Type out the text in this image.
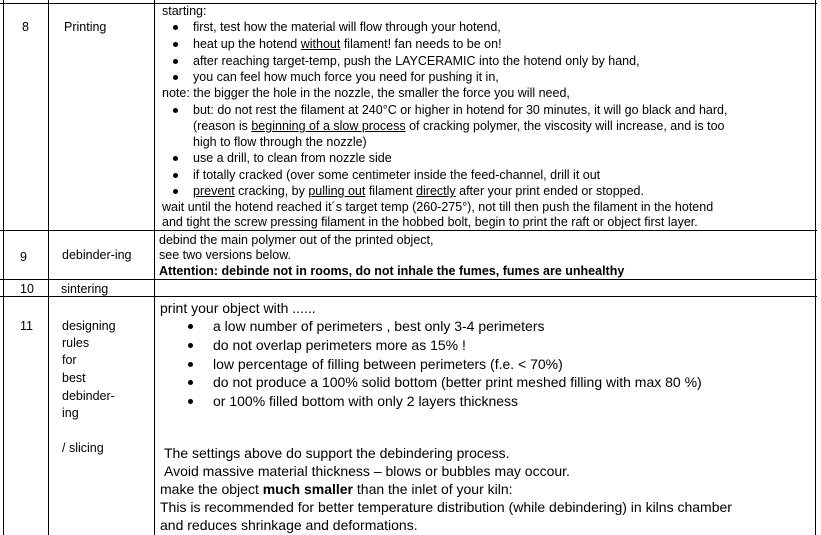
8	Printing
starting:
first, test how the material will flow through your hotend,
heat up the hotend without filament! fan needs to be on!
after reaching target-temp, push the LAYCERAMIC into the hotend only by hand,
you can feel how much force you need for pushing it in,
note: the bigger the hole in the nozzle, the smaller the force you will need,
but: do not rest the filament at 240°C or higher in hotend for 30 minutes, it will go black and hard,
(reason is beginning of a slow process of cracking polymer, the viscosity will increase, and is too
high to flow through the nozzle)
use a drill, to clean from nozzle side
if totally cracked (over some centimeter inside the feed-channel, drill it out
prevent cracking, by pulling out filament directly after your print ended or stopped.
wait until the hotend reached it´s target temp (260-275°), not till then push the filament in the hotend
and tight the screw pressing filament in the hobbed bolt, begin to print the raft or object first layer.
9	debinder-ing
debind the main polymer out of the printed object,
see two versions below.
Attention: debinde not in rooms, do not inhale the fumes, fumes are unhealthy
10 sintering
11 designing
rules
for
best
debinder-
ing
/ slicing
print your object with ......
a low number of perimeters , best only 3-4 perimeters
do not overlap perimeters more as 15% !
low percentage of filling between perimeters (f.e. < 70%)
do not produce a 100% solid bottom (better print meshed filling with max 80 %)
or 100% filled bottom with only 2 layers thickness
The settings above do support the debindering process.
Avoid massive material thickness – blows or bubbles may occour.
make the object much smaller than the inlet of your kiln:
This is recommended for better temperature distribution (while debindering) in kilns chamber
and reduces shrinkage and deformations.
